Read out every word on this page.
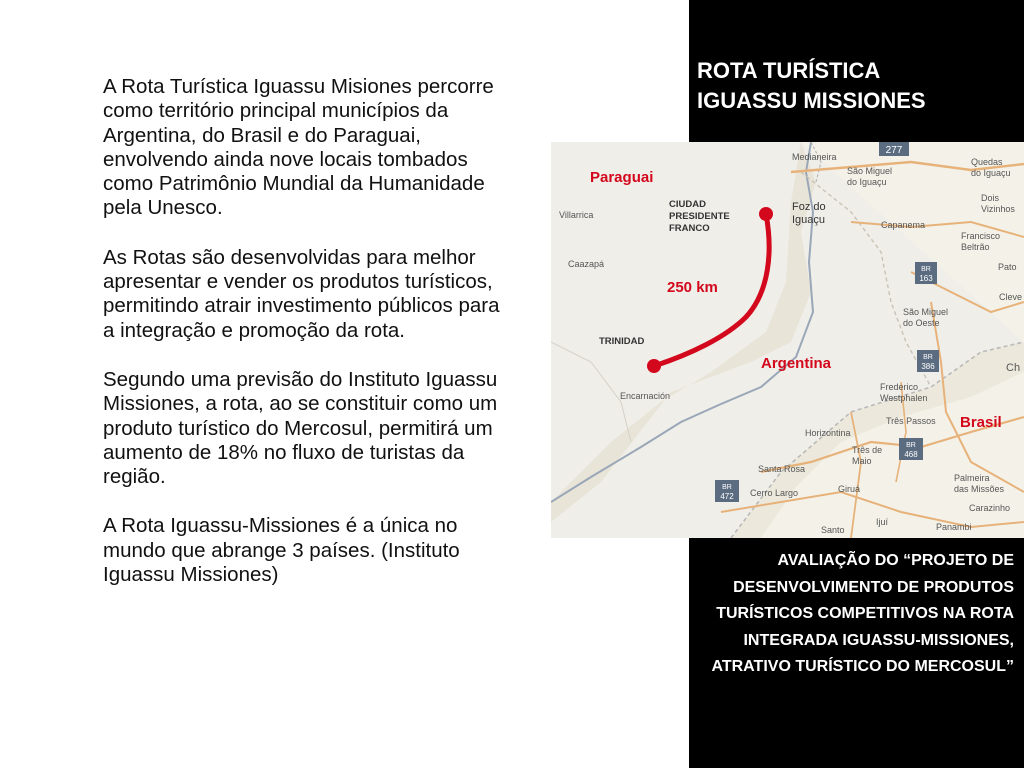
A Rota Turística Iguassu Misiones percorre como território principal municípios da Argentina, do Brasil e do Paraguai, envolvendo ainda nove locais tombados como Patrimônio Mundial da Humanidade pela Unesco.

As Rotas são desenvolvidas para melhor apresentar e vender os produtos turísticos, permitindo atrair investimento públicos para a integração e promoção da rota.

Segundo uma previsão do Instituto Iguassu Missiones, a rota, ao se constituir como um produto turístico do Mercosul, permitirá um aumento de 18% no fluxo de turistas da região.

A Rota Iguassu-Missiones é a única no mundo que abrange 3 países. (Instituto Iguassu Missiones)

ROTA TURÍSTICA
IGUASSU MISSIONES
277
BR
163
BR
386
BR
468
BR
472
Paraguai
250 km
Argentina
Brasil
CIUDAD
PRESIDENTE
FRANCO
TRINIDAD
Foz do
Iguaçu
Villarrica
Caazapá
Encarnación
Medianeira
São Miguel
do Iguaçu
Quedas
do Iguaçu
Dois
Vizinhos
Capanema
Francisco
Beltrão
Pato
São Miguel
do Oeste
Cleve
Ch
Frederico
Westphalen
Três Passos
Horizontina
Três de
Maio
Palmeira
das Missões
Santa Rosa
Cerro Largo	Giruá
Carazinho
Santo
Ijuí	Panambi
AVALIAÇÃO DO “PROJETO DE DESENVOLVIMENTO DE PRODUTOS TURÍSTICOS COMPETITIVOS NA ROTA INTEGRADA IGUASSU-MISSIONES, ATRATIVO TURÍSTICO DO MERCOSUL”
